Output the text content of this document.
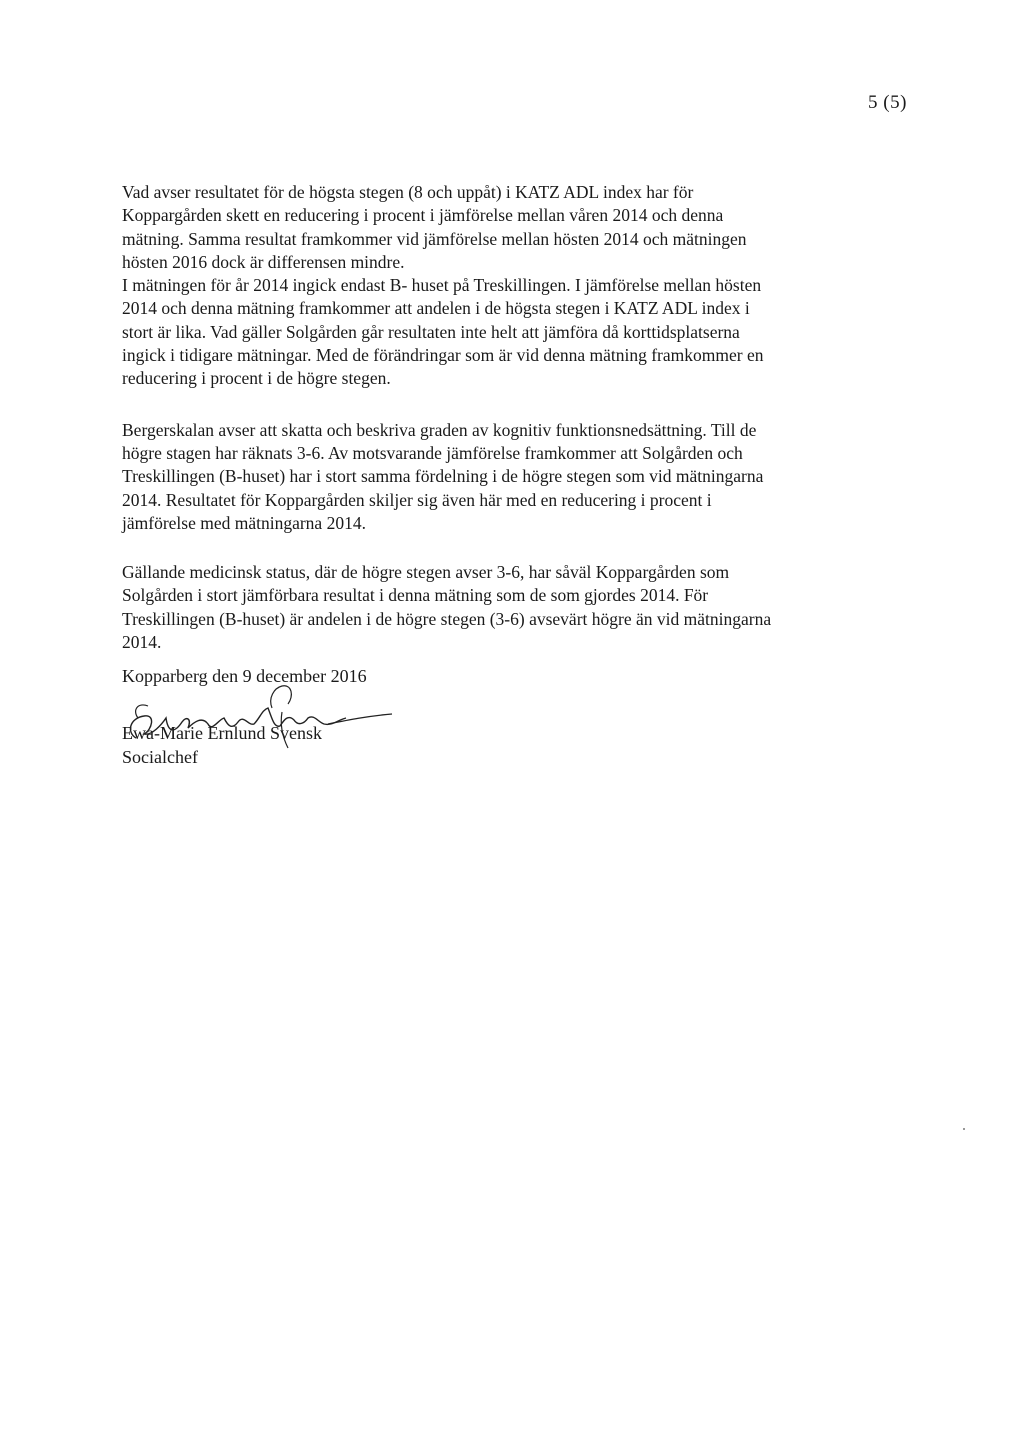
5 (5)

Vad avser resultatet för de högsta stegen (8 och uppåt) i KATZ ADL index har för
Koppargården skett en reducering i procent i jämförelse mellan våren 2014 och denna
mätning. Samma resultat framkommer vid jämförelse mellan hösten 2014 och mätningen
hösten 2016 dock är differensen mindre.
I mätningen för år 2014 ingick endast B- huset på Treskillingen. I jämförelse mellan hösten
2014 och denna mätning framkommer att andelen i de högsta stegen i KATZ ADL index i
stort är lika. Vad gäller Solgården går resultaten inte helt att jämföra då korttidsplatserna
ingick i tidigare mätningar. Med de förändringar som är vid denna mätning framkommer en
reducering i procent i de högre stegen.

Bergerskalan avser att skatta och beskriva graden av kognitiv funktionsnedsättning. Till de
högre stagen har räknats 3-6. Av motsvarande jämförelse framkommer att Solgården och
Treskillingen (B-huset) har i stort samma fördelning i de högre stegen som vid mätningarna
2014. Resultatet för Koppargården skiljer sig även här med en reducering i procent i
jämförelse med mätningarna 2014.

Gällande medicinsk status, där de högre stegen avser 3-6, har såväl Koppargården som
Solgården i stort jämförbara resultat i denna mätning som de som gjordes 2014. För
Treskillingen (B-huset) är andelen i de högre stegen (3-6) avsevärt högre än vid mätningarna
2014.

Kopparberg den 9 december 2016

Ewa-Marie Ernlund Svensk

Socialchef
